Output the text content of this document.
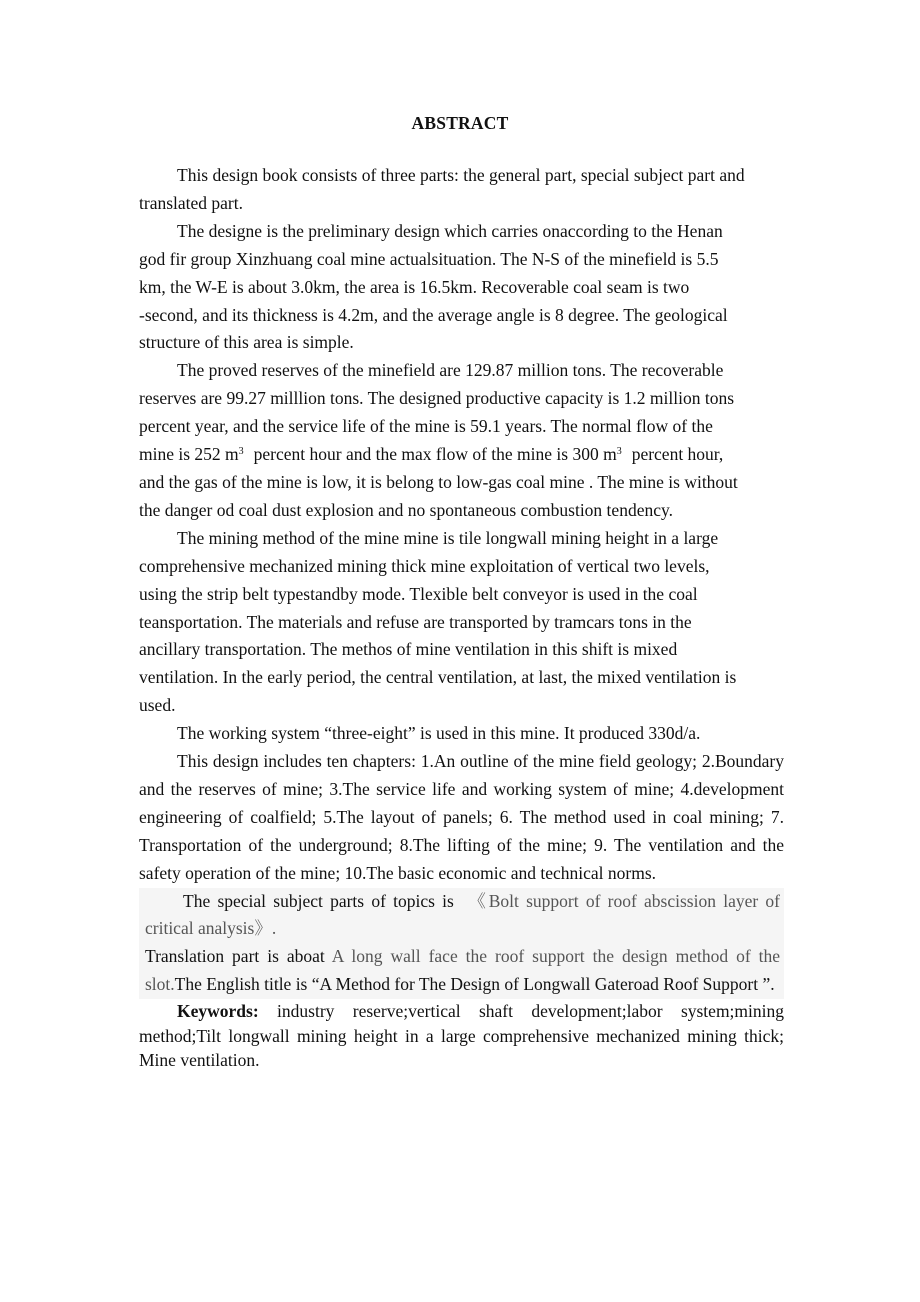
ABSTRACT

This design book consists of three parts: the general part, special subject part and translated part.

The designe is the preliminary design which carries onaccording to the Henan
god fir group Xinzhuang coal mine actualsituation. The N-S of the minefield is 5.5
km, the W-E is about 3.0km, the area is 16.5km. Recoverable coal seam is two
-second, and its thickness is 4.2m, and the average angle is 8 degree. The geological
structure of this area is simple.

The proved reserves of the minefield are 129.87 million tons. The recoverable
reserves are 99.27 milllion tons. The designed productive capacity is 1.2 million tons
percent year, and the service life of the mine is 59.1 years. The normal flow of the
mine is 252 $m^3$ percent hour and the max flow of the mine is 300 $m^3$ percent hour,
and the gas of the mine is low, it is belong to low-gas coal mine . The mine is without
the danger od coal dust explosion and no spontaneous combustion tendency.

The mining method of the mine mine is tile longwall mining height in a large
comprehensive mechanized mining thick mine exploitation of vertical two levels,
using the strip belt typestandby mode. Tlexible belt conveyor is used in the coal
teansportation. The materials and refuse are transported by tramcars tons in the
ancillary transportation. The methos of mine ventilation in this shift is mixed
ventilation. In the early period, the central ventilation, at last, the mixed ventilation is
used.

The working system “three-eight” is used in this mine. It produced 330d/a.

This design includes ten chapters: 1.An outline of the mine field geology; 2.Boundary and the reserves of mine; 3.The service life and working system of mine; 4.development engineering of coalfield; 5.The layout of panels; 6. The method used in coal mining; 7. Transportation of the underground; 8.The lifting of the mine; 9. The ventilation and the safety operation of the mine; 10.The basic economic and technical norms.

The special subject parts of topics is 《Bolt support of roof abscission layer of critical analysis》.

Translation part is aboat A long wall face the roof support the design method of the slot.The English title is “A Method for The Design of Longwall Gateroad Roof Support ”.

Keywords: industry reserve;vertical shaft development;labor system;mining method;Tilt longwall mining height in a large comprehensive mechanized mining thick; Mine ventilation.
